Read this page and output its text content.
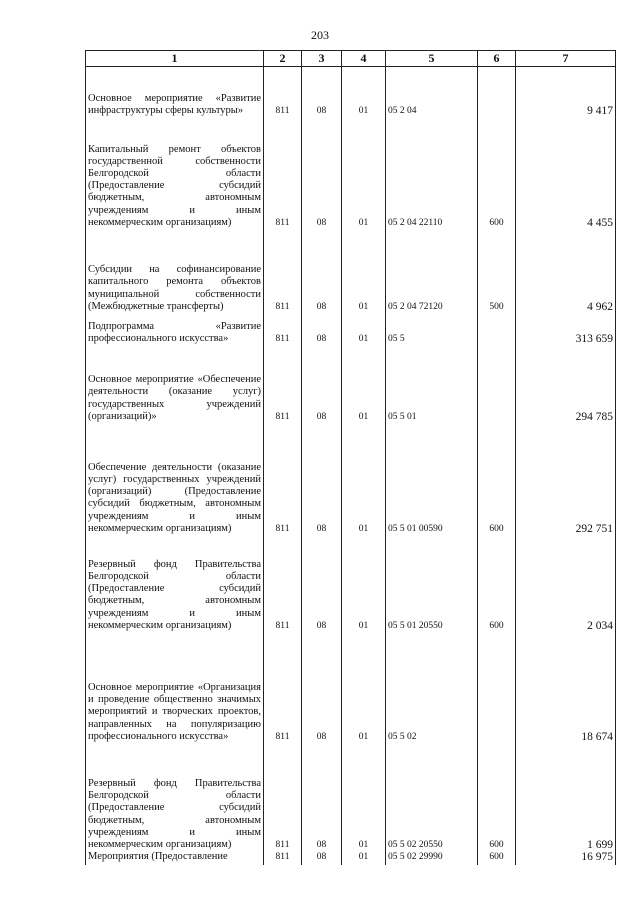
203
1	2	3	4	5	6	7
Основное мероприятие «Развитие инфраструктуры сферы культуры»	811	08	01	05 2 04		9 417

Капитальный ремонт объектов государственной собственности Белгородской области (Предоставление субсидий бюджетным, автономным учреждениям и иным некоммерческим организациям)	811	08	01	05 2 04 22110	600	4 455

Субсидии на софинансирование капитального ремонта объектов муниципальной собственности (Межбюджетные трансферты)	811	08	01	05 2 04 72120	500	4 962

Подпрограмма «Развитие профессионального искусства»	811	08	01	05 5		313 659

Основное мероприятие «Обеспечение деятельности (оказание услуг) государственных учреждений (организаций)»	811	08	01	05 5 01		294 785

Обеспечение деятельности (оказание услуг) государственных учреждений (организаций) (Предоставление субсидий бюджетным, автономным учреждениям и иным некоммерческим организациям)	811	08	01	05 5 01 00590	600	292 751

Резервный фонд Правительства Белгородской области (Предоставление субсидий бюджетным, автономным учреждениям и иным некоммерческим организациям)	811	08	01	05 5 01 20550	600	2 034

Основное мероприятие «Организация и проведение общественно значимых мероприятий и творческих проектов, направленных на популяризацию профессионального искусства»	811	08	01	05 5 02		18 674

Резервный фонд Правительства Белгородской области (Предоставление субсидий бюджетным, автономным учреждениям и иным некоммерческим организациям)	811	08	01	05 5 02 20550	600	1 699

Мероприятия (Предоставление	811	08	01	05 5 02 29990	600	16 975
